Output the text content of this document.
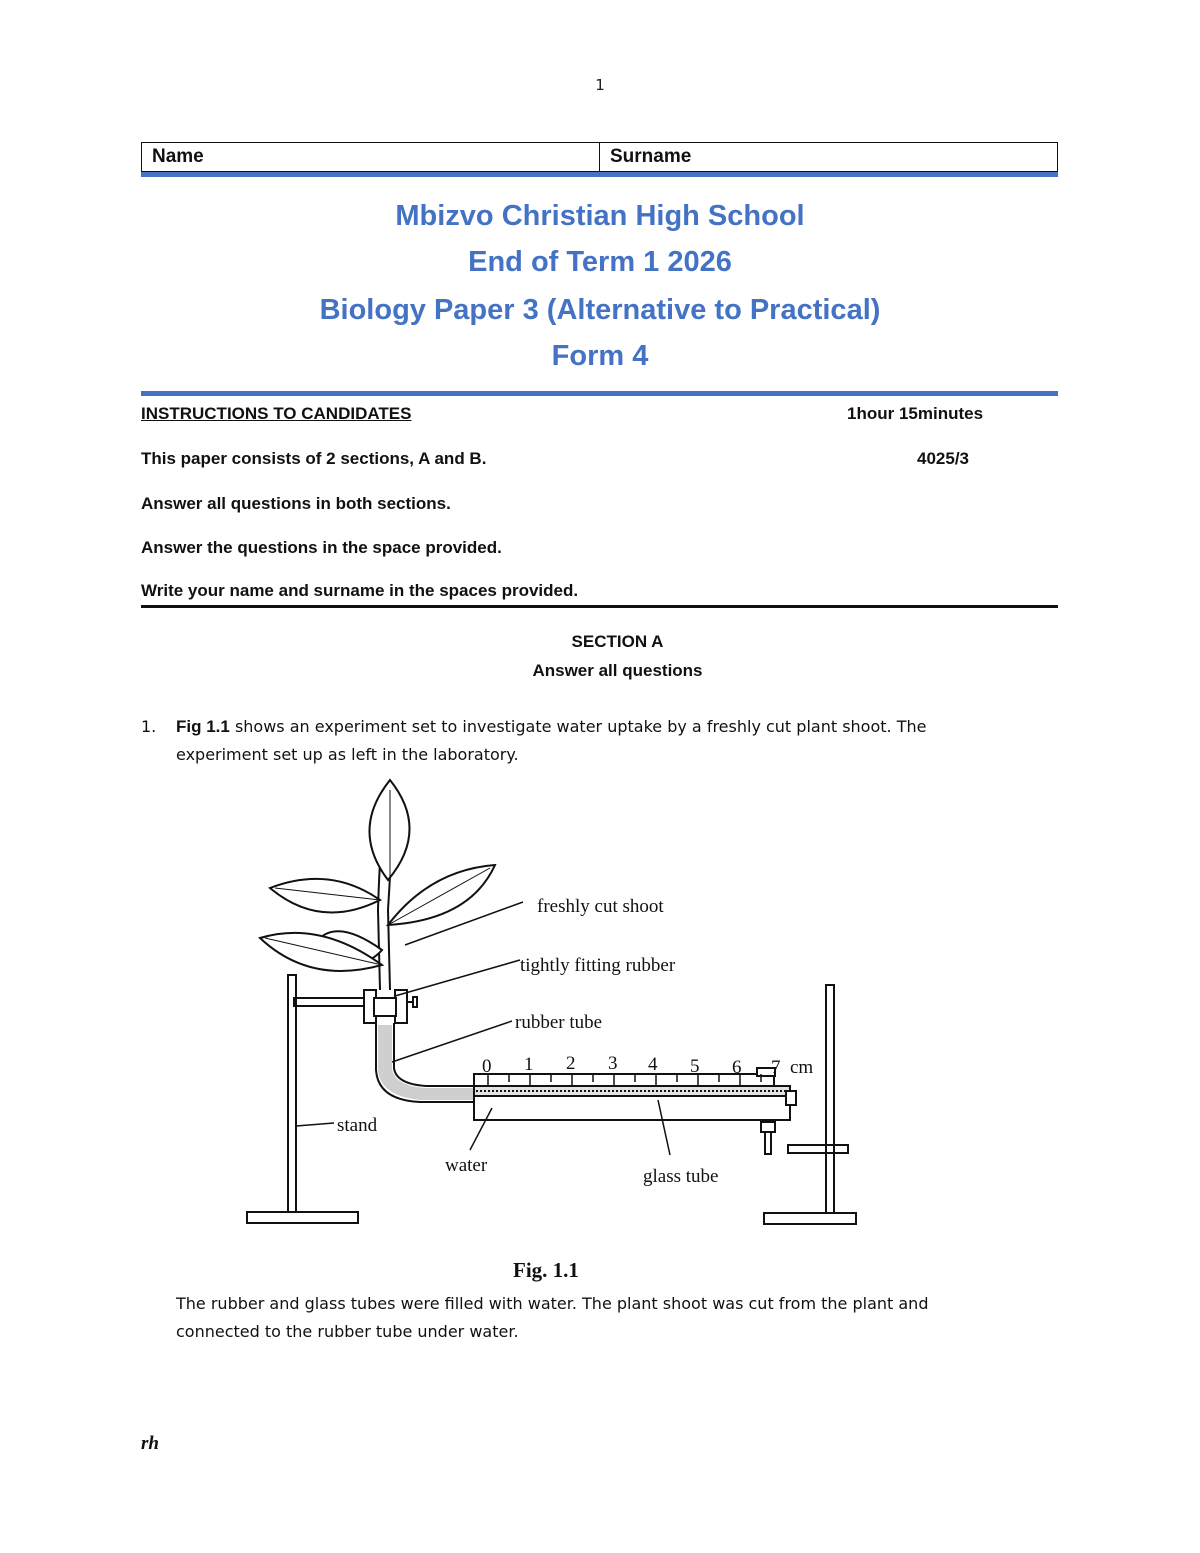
1
Name	Surname
Mbizvo Christian High School
End of Term 1 2026
Biology Paper 3 (Alternative to Practical)
Form 4
INSTRUCTIONS TO CANDIDATES	1hour 15minutes
This paper consists of 2 sections, A and B.	4025/3
Answer all questions in both sections.
Answer the questions in the space provided.
Write your name and surname in the spaces provided.
SECTION A
Answer all questions
1. Fig 1.1 shows an experiment set to investigate water uptake by a freshly cut plant shoot. The
experiment set up as left in the laboratory.
0 1 2 3 4 5 6 7 cm
freshly cut shoot
tightly fitting rubber
rubber tube
stand
water
glass tube
Fig. 1.1
The rubber and glass tubes were filled with water. The plant shoot was cut from the plant and
connected to the rubber tube under water.
rh
